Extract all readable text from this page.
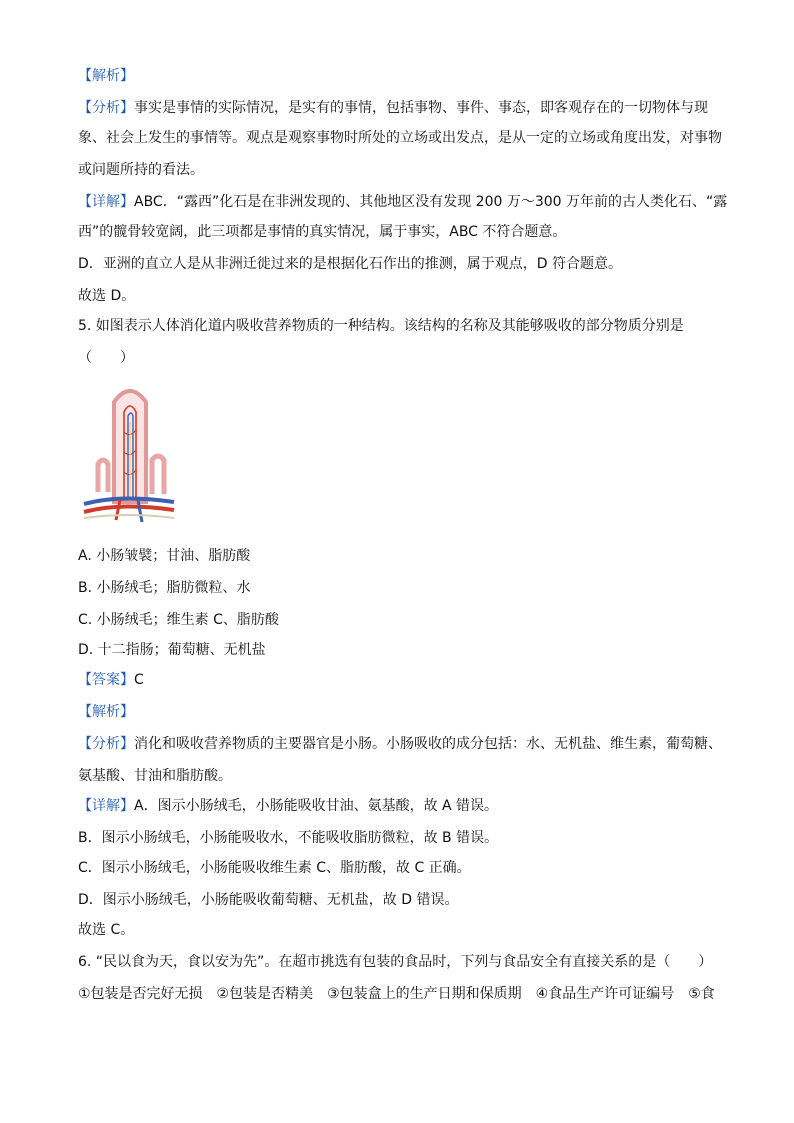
【解析】
【分析】事实是事情的实际情况，是实有的事情，包括事物、事件、事态，即客观存在的一切物体与现
象、社会上发生的事情等。观点是观察事物时所处的立场或出发点，是从一定的立场或角度出发，对事物
或问题所持的看法。
【详解】ABC．“露西”化石是在非洲发现的、其他地区没有发现 200 万～300 万年前的古人类化石、“露
西”的髋骨较宽阔，此三项都是事情的真实情况，属于事实，ABC 不符合题意。
D．亚洲的直立人是从非洲迁徙过来的是根据化石作出的推测，属于观点，D 符合题意。
故选 D。
5. 如图表示人体消化道内吸收营养物质的一种结构。该结构的名称及其能够吸收的部分物质分别是
（　　）
A. 小肠皱襞；甘油、脂肪酸
B. 小肠绒毛；脂肪微粒、水
C. 小肠绒毛；维生素 C、脂肪酸
D. 十二指肠；葡萄糖、无机盐
【答案】C
【解析】
【分析】消化和吸收营养物质的主要器官是小肠。小肠吸收的成分包括：水、无机盐、维生素，葡萄糖、
氨基酸、甘油和脂肪酸。
【详解】A．图示小肠绒毛，小肠能吸收甘油、氨基酸，故 A 错误。
B．图示小肠绒毛，小肠能吸收水，不能吸收脂肪微粒，故 B 错误。
C．图示小肠绒毛，小肠能吸收维生素 C、脂肪酸，故 C 正确。
D．图示小肠绒毛，小肠能吸收葡萄糖、无机盐，故 D 错误。
故选 C。
6. “民以食为天，食以安为先”。在超市挑选有包装的食品时，下列与食品安全有直接关系的是（　　）
①包装是否完好无损　②包装是否精美　③包装盒上的生产日期和保质期　④食品生产许可证编号　⑤食
